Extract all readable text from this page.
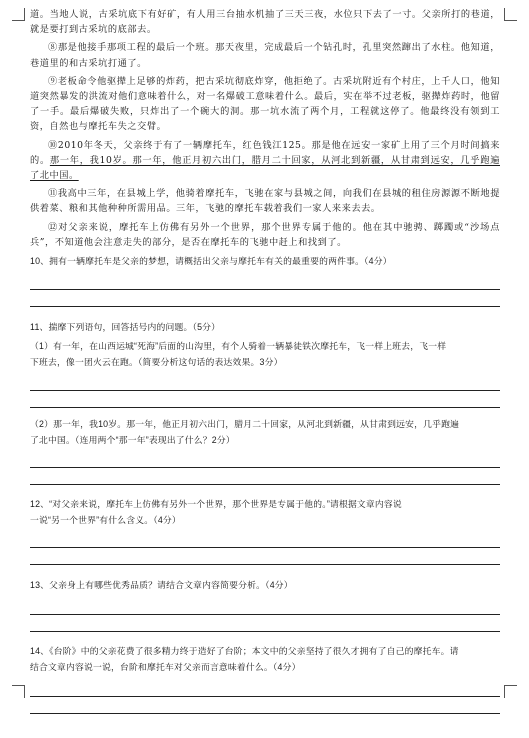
道。当地人说，古采坑底下有好矿，有人用三台抽水机抽了三天三夜，水位只下去了一寸。父亲所打的巷道，就是要打到古采坑的底部去。

⑧那是他接手那项工程的最后一个班。那天夜里，完成最后一个钻孔时，孔里突然蹿出了水柱。他知道，巷道里的和古采坑打通了。

⑨老板命令他驱撵上足够的炸药，把古采坑彻底炸穿，他拒绝了。古采坑附近有个村庄，上千人口，他知道突然暴发的洪流对他们意味着什么，对一名爆破工意味着什么。最后，实在举不过老板，驱撵炸药时，他留了一手。最后爆破失败，只炸出了一个碗大的洞。那一坑水流了两个月，工程就这停了。他最终没有领到工资，自然也与摩托车失之交臂。

⑩2010年冬天，父亲终于有了一辆摩托车，红色钱江125。那是他在远安一家矿上用了三个月时间搞来的。那一年，我10岁。那一年，他正月初六出门，腊月二十回家，从河北到新疆，从甘肃到远安，几乎跑遍了北中国。

⑪我高中三年，在县城上学，他骑着摩托车，飞驰在家与县城之间，向我们在县城的租住房源源不断地提供着菜、粮和其他种种所需用品。三年，飞驰的摩托车载着我们一家人来来去去。

⑫对父亲来说，摩托车上仿佛有另外一个世界，那个世界专属于他的。他在其中驰骋、踯躅或“沙场点兵”，不知道他会注意走失的部分，是否在摩托车的飞驰中赶上和找到了。

10、拥有一辆摩托车是父亲的梦想，请概括出父亲与摩托车有关的最重要的两件事。（4分）
11、揣摩下列语句，回答括号内的问题。（5分）
（1）有一年，在山西运城“死海”后面的山沟里，有个人骑着一辆暴徒铁次摩托车，飞一样上班去，飞一样
下班去，像一团火云在跑。（简要分析这句话的表达效果。3分）
（2）那一年，我10岁。那一年，他正月初六出门，腊月二十回家，从河北到新疆，从甘肃到远安，几乎跑遍
了北中国。（连用两个“那一年”表现出了什么？2分）
12、“对父亲来说，摩托车上仿佛有另外一个世界，那个世界是专属于他的。”请根据文章内容说
一说“另一个世界”有什么含义。（4分）
13、父亲身上有哪些优秀品质？请结合文章内容简要分析。（4分）
14、《台阶》中的父亲花费了很多精力终于造好了台阶；本文中的父亲坚持了很久才拥有了自己的摩托车。请
结合文章内容说一说，台阶和摩托车对父亲而言意味着什么。（4分）
